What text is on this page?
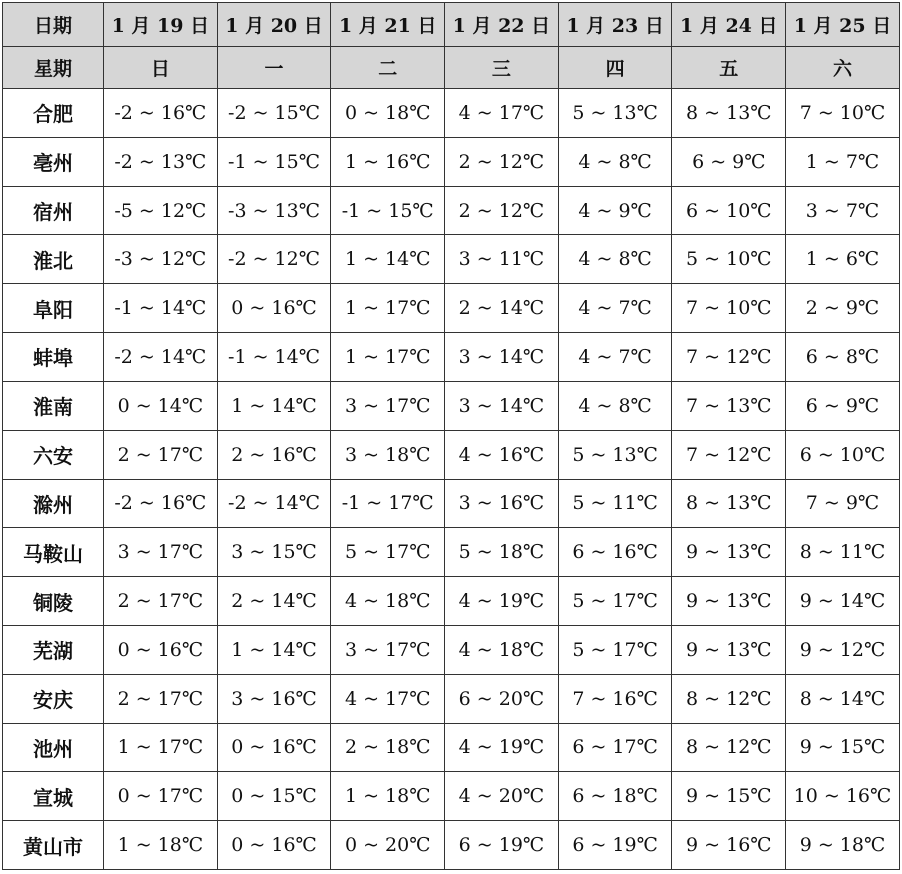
日期	1 月 19 日	1 月 20 日	1 月 21 日	1 月 22 日	1 月 23 日	1 月 24 日	1 月 25 日
星期	日	一	二	三	四	五	六
合肥	-2 ~ 16℃	-2 ~ 15℃	0 ~ 18℃	4 ~ 17℃	5 ~ 13℃	8 ~ 13℃	7 ~ 10℃
亳州	-2 ~ 13℃	-1 ~ 15℃	1 ~ 16℃	2 ~ 12℃	4 ~ 8℃	6 ~ 9℃	1 ~ 7℃
宿州	-5 ~ 12℃	-3 ~ 13℃	-1 ~ 15℃	2 ~ 12℃	4 ~ 9℃	6 ~ 10℃	3 ~ 7℃
淮北	-3 ~ 12℃	-2 ~ 12℃	1 ~ 14℃	3 ~ 11℃	4 ~ 8℃	5 ~ 10℃	1 ~ 6℃
阜阳	-1 ~ 14℃	0 ~ 16℃	1 ~ 17℃	2 ~ 14℃	4 ~ 7℃	7 ~ 10℃	2 ~ 9℃
蚌埠	-2 ~ 14℃	-1 ~ 14℃	1 ~ 17℃	3 ~ 14℃	4 ~ 7℃	7 ~ 12℃	6 ~ 8℃
淮南	0 ~ 14℃	1 ~ 14℃	3 ~ 17℃	3 ~ 14℃	4 ~ 8℃	7 ~ 13℃	6 ~ 9℃
六安	2 ~ 17℃	2 ~ 16℃	3 ~ 18℃	4 ~ 16℃	5 ~ 13℃	7 ~ 12℃	6 ~ 10℃
滁州	-2 ~ 16℃	-2 ~ 14℃	-1 ~ 17℃	3 ~ 16℃	5 ~ 11℃	8 ~ 13℃	7 ~ 9℃
马鞍山	3 ~ 17℃	3 ~ 15℃	5 ~ 17℃	5 ~ 18℃	6 ~ 16℃	9 ~ 13℃	8 ~ 11℃
铜陵	2 ~ 17℃	2 ~ 14℃	4 ~ 18℃	4 ~ 19℃	5 ~ 17℃	9 ~ 13℃	9 ~ 14℃
芜湖	0 ~ 16℃	1 ~ 14℃	3 ~ 17℃	4 ~ 18℃	5 ~ 17℃	9 ~ 13℃	9 ~ 12℃
安庆	2 ~ 17℃	3 ~ 16℃	4 ~ 17℃	6 ~ 20℃	7 ~ 16℃	8 ~ 12℃	8 ~ 14℃
池州	1 ~ 17℃	0 ~ 16℃	2 ~ 18℃	4 ~ 19℃	6 ~ 17℃	8 ~ 12℃	9 ~ 15℃
宣城	0 ~ 17℃	0 ~ 15℃	1 ~ 18℃	4 ~ 20℃	6 ~ 18℃	9 ~ 15℃	10 ~ 16℃
黄山市	1 ~ 18℃	0 ~ 16℃	0 ~ 20℃	6 ~ 19℃	6 ~ 19℃	9 ~ 16℃	9 ~ 18℃
